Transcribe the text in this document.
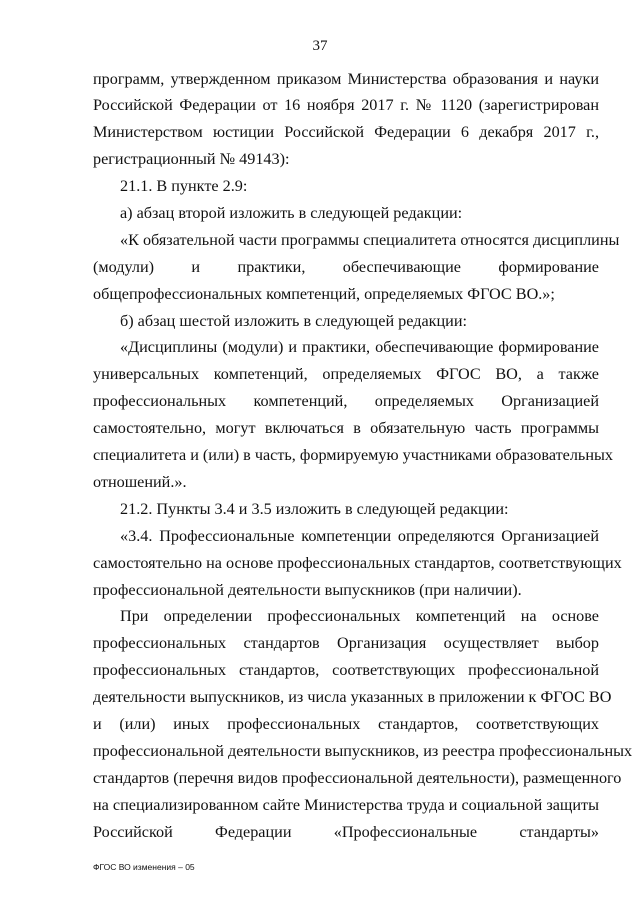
37
программ, утвержденном приказом Министерства образования и науки
Российской Федерации от 16 ноября 2017 г. № 1120 (зарегистрирован
Министерством юстиции Российской Федерации 6 декабря 2017 г.,
регистрационный № 49143):
21.1. В пункте 2.9:
а) абзац второй изложить в следующей редакции:
«К обязательной части программы специалитета относятся дисциплины
(модули) и практики, обеспечивающие формирование
общепрофессиональных компетенций, определяемых ФГОС ВО.»;
б) абзац шестой изложить в следующей редакции:
«Дисциплины (модули) и практики, обеспечивающие формирование
универсальных компетенций, определяемых ФГОС ВО, а также
профессиональных компетенций, определяемых Организацией
самостоятельно, могут включаться в обязательную часть программы
специалитета и (или) в часть, формируемую участниками образовательных
отношений.».
21.2. Пункты 3.4 и 3.5 изложить в следующей редакции:
«3.4. Профессиональные компетенции определяются Организацией
самостоятельно на основе профессиональных стандартов, соответствующих
профессиональной деятельности выпускников (при наличии).
При определении профессиональных компетенций на основе
профессиональных стандартов Организация осуществляет выбор
профессиональных стандартов, соответствующих профессиональной
деятельности выпускников, из числа указанных в приложении к ФГОС ВО
и (или) иных профессиональных стандартов, соответствующих
профессиональной деятельности выпускников, из реестра профессиональных
стандартов (перечня видов профессиональной деятельности), размещенного
на специализированном сайте Министерства труда и социальной защиты
Российской Федерации «Профессиональные стандарты»
ФГОС ВО изменения – 05
